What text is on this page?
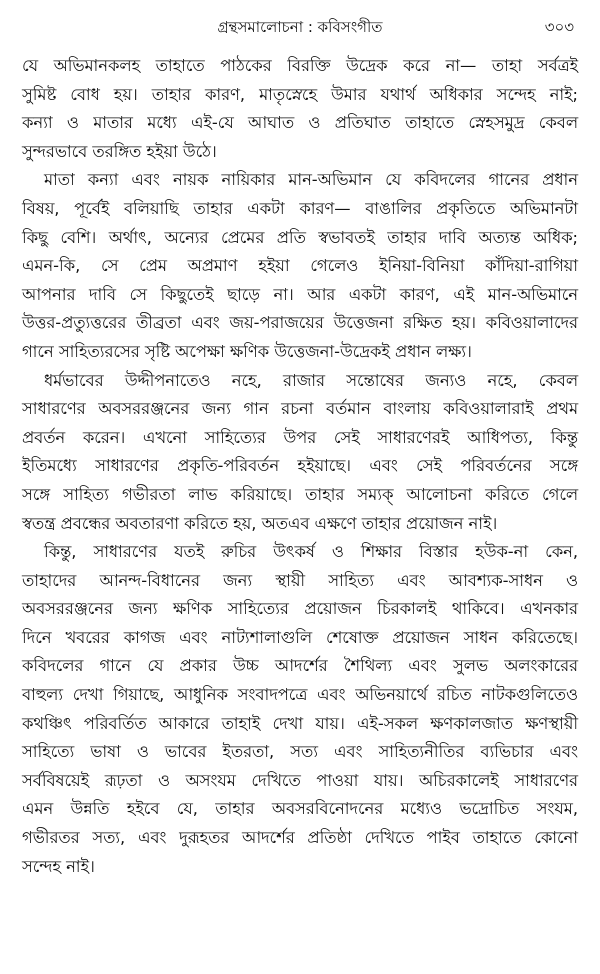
গ্রন্থসমালোচনা : কবিসংগীত	৩০৩

যে অভিমানকলহ তাহাতে পাঠকের বিরক্তি উদ্রেক করে না— তাহা সর্বত্রই
সুমিষ্ট বোধ হয়। তাহার কারণ, মাতৃস্নেহে উমার যথার্থ অধিকার সন্দেহ নাই;
কন্যা ও মাতার মধ্যে এই-যে আঘাত ও প্রতিঘাত তাহাতে স্নেহসমুদ্র কেবল
সুন্দরভাবে তরঙ্গিত হইয়া উঠে।

মাতা কন্যা এবং নায়ক নায়িকার মান-অভিমান যে কবিদলের গানের প্রধান
বিষয়, পূর্বেই বলিয়াছি তাহার একটা কারণ— বাঙালির প্রকৃতিতে অভিমানটা
কিছু বেশি। অর্থাৎ, অন্যের প্রেমের প্রতি স্বভাবতই তাহার দাবি অত্যন্ত অধিক;
এমন-কি, সে প্রেম অপ্রমাণ হইয়া গেলেও ইনিয়া-বিনিয়া কাঁদিয়া-রাগিয়া
আপনার দাবি সে কিছুতেই ছাড়ে না। আর একটা কারণ, এই মান-অভিমানে
উত্তর-প্রত্যুত্তরের তীব্রতা এবং জয়-পরাজয়ের উত্তেজনা রক্ষিত হয়। কবিওয়ালাদের
গানে সাহিত্যরসের সৃষ্টি অপেক্ষা ক্ষণিক উত্তেজনা-উদ্রেকই প্রধান লক্ষ্য।

ধর্মভাবের উদ্দীপনাতেও নহে, রাজার সন্তোষের জন্যও নহে, কেবল
সাধারণের অবসররঞ্জনের জন্য গান রচনা বর্তমান বাংলায় কবিওয়ালারাই প্রথম
প্রবর্তন করেন। এখনো সাহিত্যের উপর সেই সাধারণেরই আধিপত্য, কিন্তু
ইতিমধ্যে সাধারণের প্রকৃতি-পরিবর্তন হইয়াছে। এবং সেই পরিবর্তনের সঙ্গে
সঙ্গে সাহিত্য গভীরতা লাভ করিয়াছে। তাহার সম্যক্ আলোচনা করিতে গেলে
স্বতন্ত্র প্রবন্ধের অবতারণা করিতে হয়, অতএব এক্ষণে তাহার প্রয়োজন নাই।

কিন্তু, সাধারণের যতই রুচির উৎকর্ষ ও শিক্ষার বিস্তার হউক-না কেন,
তাহাদের আনন্দ-বিধানের জন্য স্থায়ী সাহিত্য এবং আবশ্যক-সাধন ও
অবসররঞ্জনের জন্য ক্ষণিক সাহিত্যের প্রয়োজন চিরকালই থাকিবে। এখনকার
দিনে খবরের কাগজ এবং নাট্যশালাগুলি শেষোক্ত প্রয়োজন সাধন করিতেছে।
কবিদলের গানে যে প্রকার উচ্চ আদর্শের শৈথিল্য এবং সুলভ অলংকারের
বাহুল্য দেখা গিয়াছে, আধুনিক সংবাদপত্রে এবং অভিনয়ার্থে রচিত নাটকগুলিতেও
কথঞ্চিৎ পরিবর্তিত আকারে তাহাই দেখা যায়। এই-সকল ক্ষণকালজাত ক্ষণস্থায়ী
সাহিত্যে ভাষা ও ভাবের ইতরতা, সত্য এবং সাহিত্যনীতির ব্যভিচার এবং
সর্ববিষয়েই রূঢ়তা ও অসংযম দেখিতে পাওয়া যায়। অচিরকালেই সাধারণের
এমন উন্নতি হইবে যে, তাহার অবসরবিনোদনের মধ্যেও ভদ্রোচিত সংযম,
গভীরতর সত্য, এবং দুরূহতর আদর্শের প্রতিষ্ঠা দেখিতে পাইব তাহাতে কোনো
সন্দেহ নাই।
